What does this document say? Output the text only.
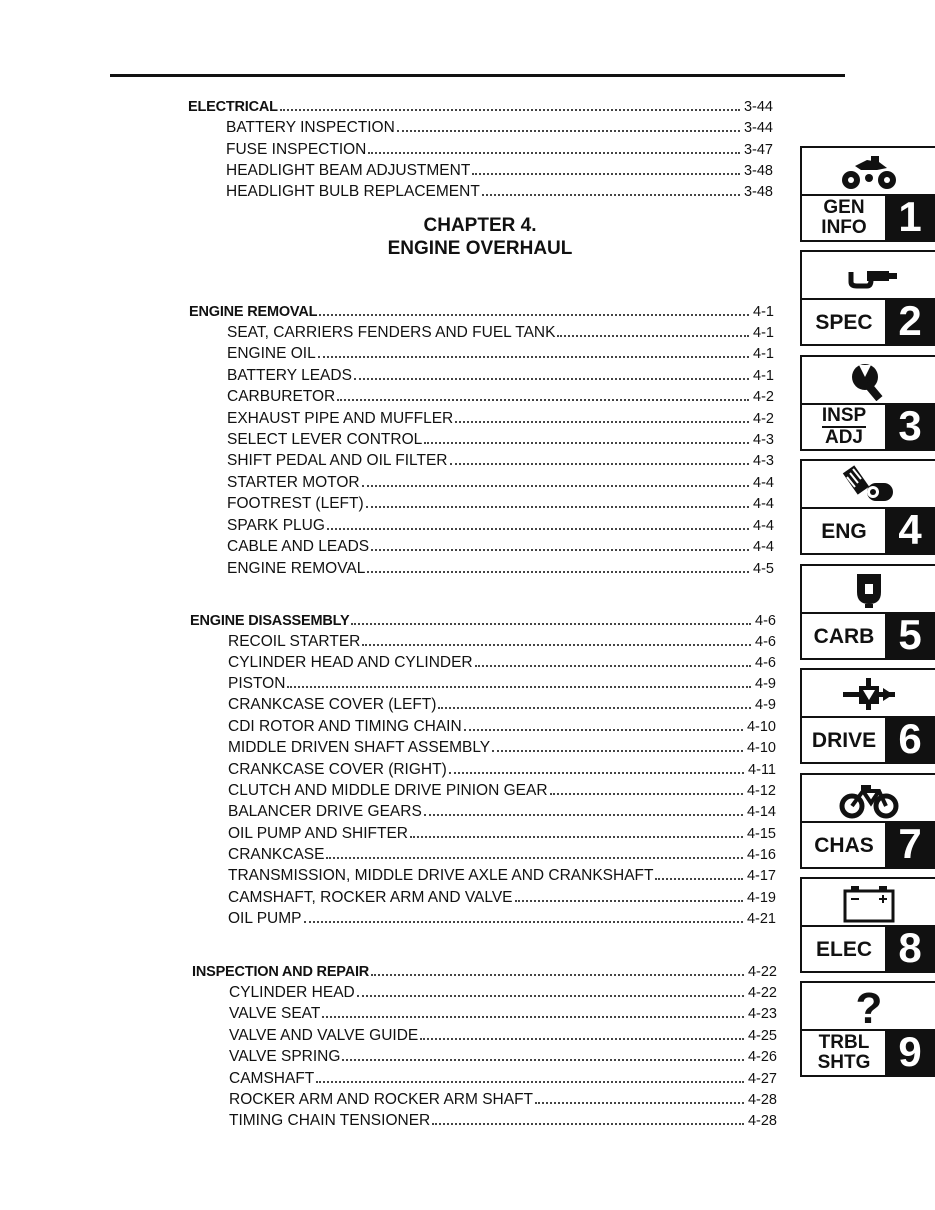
ELECTRICAL	3-44
BATTERY INSPECTION	3-44
FUSE INSPECTION	3-47
HEADLIGHT BEAM ADJUSTMENT	3-48
HEADLIGHT BULB REPLACEMENT	3-48
CHAPTER 4.
ENGINE OVERHAUL
ENGINE REMOVAL	4-1
SEAT, CARRIERS FENDERS AND FUEL TANK	4-1
ENGINE OIL	4-1
BATTERY LEADS	4-1
CARBURETOR	4-2
EXHAUST PIPE AND MUFFLER	4-2
SELECT LEVER CONTROL	4-3
SHIFT PEDAL AND OIL FILTER	4-3
STARTER MOTOR	4-4
FOOTREST (LEFT)	4-4
SPARK PLUG	4-4
CABLE AND LEADS	4-4
ENGINE REMOVAL	4-5
ENGINE DISASSEMBLY	4-6
RECOIL STARTER	4-6
CYLINDER HEAD AND CYLINDER	4-6
PISTON	4-9
CRANKCASE COVER (LEFT)	4-9
CDI ROTOR AND TIMING CHAIN	4-10
MIDDLE DRIVEN SHAFT ASSEMBLY	4-10
CRANKCASE COVER (RIGHT)	4-11
CLUTCH AND MIDDLE DRIVE PINION GEAR	4-12
BALANCER DRIVE GEARS	4-14
OIL PUMP AND SHIFTER	4-15
CRANKCASE	4-16
TRANSMISSION, MIDDLE DRIVE AXLE AND CRANKSHAFT	4-17
CAMSHAFT, ROCKER ARM AND VALVE	4-19
OIL PUMP	4-21
INSPECTION AND REPAIR	4-22
CYLINDER HEAD	4-22
VALVE SEAT	4-23
VALVE AND VALVE GUIDE	4-25
VALVE SPRING	4-26
CAMSHAFT	4-27
ROCKER ARM AND ROCKER ARM SHAFT	4-28
TIMING CHAIN TENSIONER	4-28
GEN
INFO 1
SPEC 2
INSP
ADJ 3
ENG 4
CARB 5
DRIVE 6
CHAS 7
ELEC 8
?
TRBL
SHTG 9
